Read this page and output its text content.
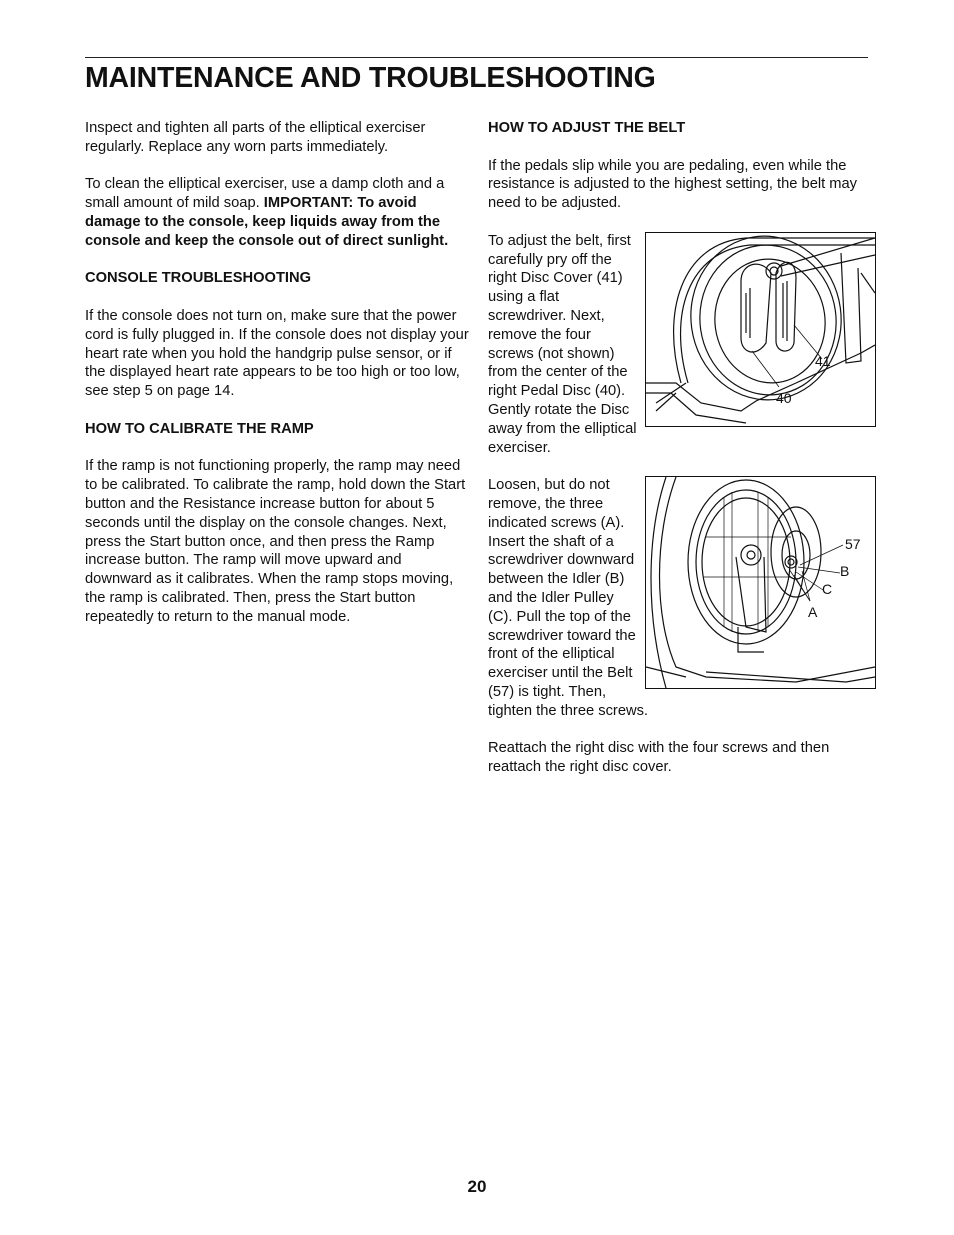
MAINTENANCE AND TROUBLESHOOTING

Inspect and tighten all parts of the elliptical exerciser regularly. Replace any worn parts immediately.

To clean the elliptical exerciser, use a damp cloth and a small amount of mild soap. IMPORTANT: To avoid damage to the console, keep liquids away from the console and keep the console out of direct sunlight.

CONSOLE TROUBLESHOOTING

If the console does not turn on, make sure that the power cord is fully plugged in. If the console does not display your heart rate when you hold the handgrip pulse sensor, or if the displayed heart rate appears to be too high or too low, see step 5 on page 14.

HOW TO CALIBRATE THE RAMP

If the ramp is not functioning properly, the ramp may need to be calibrated. To calibrate the ramp, hold down the Start button and the Resistance increase button for about 5 seconds until the display on the console changes. Next, press the Start button once, and then press the Ramp increase button. The ramp will move upward and downward as it calibrates. When the ramp stops moving, the ramp is calibrated. Then, press the Start button repeatedly to return to the manual mode.

HOW TO ADJUST THE BELT

If the pedals slip while you are pedaling, even while the resistance is adjusted to the highest setting, the belt may need to be adjusted.

41
40

To adjust the belt, first carefully pry off the right Disc Cover (41) using a flat screwdriver. Next, remove the four screws (not shown) from the center of the right Pedal Disc (40). Gently rotate the Disc away from the elliptical exerciser.

57
B
C
A

Loosen, but do not remove, the three indicated screws (A). Insert the shaft of a screwdriver downward between the Idler (B) and the Idler Pulley (C). Pull the top of the screwdriver toward the front of the elliptical exerciser until the Belt (57) is tight. Then, tighten the three screws.

Reattach the right disc with the four screws and then reattach the right disc cover.

20
